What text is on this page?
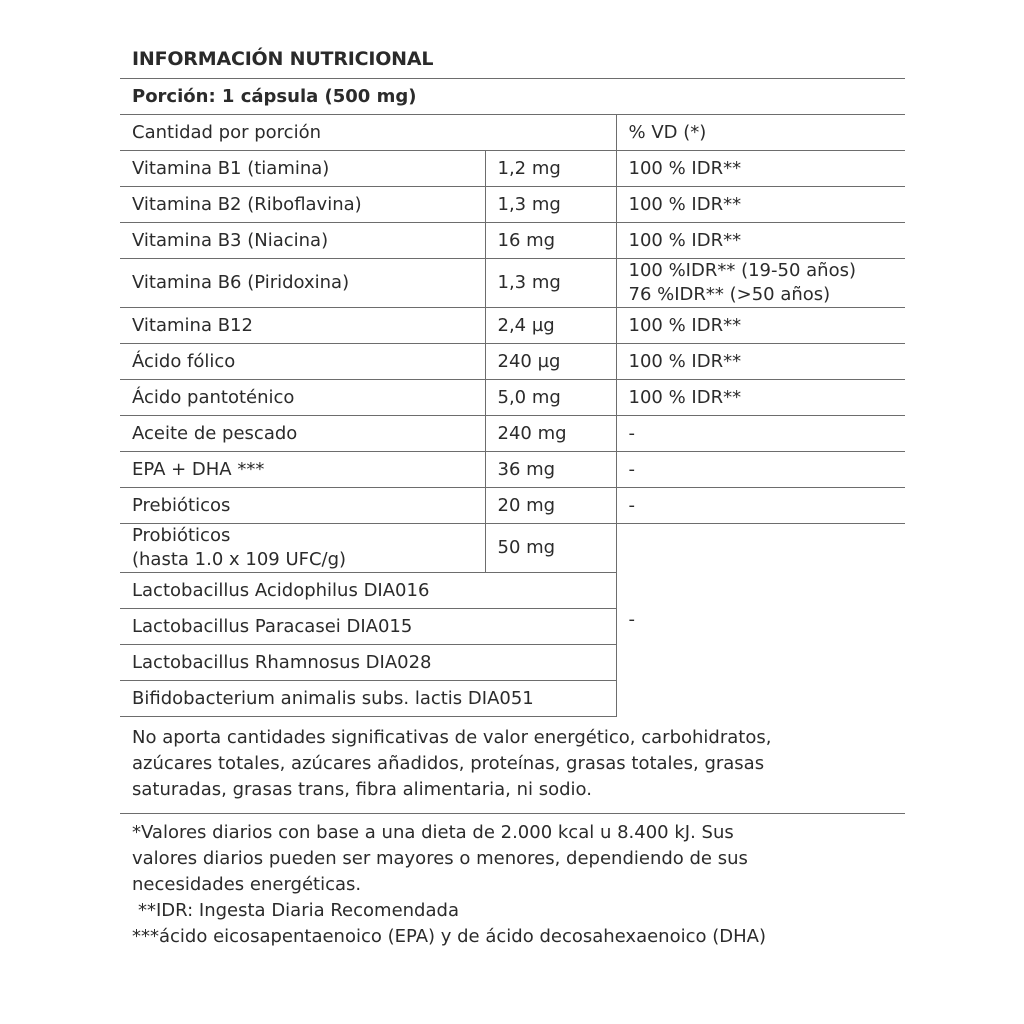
INFORMACIÓN NUTRICIONAL
Porción: 1 cápsula (500 mg)		
Cantidad por porción		% VD (*)
Vitamina B1 (tiamina)	1,2 mg	100 % IDR**
Vitamina B2 (Riboflavina)	1,3 mg	100 % IDR**
Vitamina B3 (Niacina)	16 mg	100 % IDR**
Vitamina B6 (Piridoxina)	1,3 mg	100 %IDR** (19-50 años)
76 %IDR** (>50 años)

Vitamina B12	2,4 µg	100 % IDR**
Ácido fólico	240 µg	100 % IDR**
Ácido pantoténico	5,0 mg	100 % IDR**
Aceite de pescado	240 mg	-
EPA + DHA ***	36 mg	-
Prebióticos	20 mg	-

Probióticos
(hasta 1.0 x 109 UFC/g)	50 mg	-
Lactobacillus Acidophilus DIA016		
Lactobacillus Paracasei DIA015		
Lactobacillus Rhamnosus DIA028		
Bifidobacterium animalis subs. lactis DIA051		

No aporta cantidades significativas de valor energético, carbohidratos,

azúcares totales, azúcares añadidos, proteínas, grasas totales, grasas

saturadas, grasas trans, fibra alimentaria, ni sodio.

*Valores diarios con base a una dieta de 2.000 kcal u 8.400 kJ. Sus

valores diarios pueden ser mayores o menores, dependiendo de sus

necesidades energéticas.

**IDR: Ingesta Diaria Recomendada

***ácido eicosapentaenoico (EPA) y de ácido decosahexaenoico (DHA)
